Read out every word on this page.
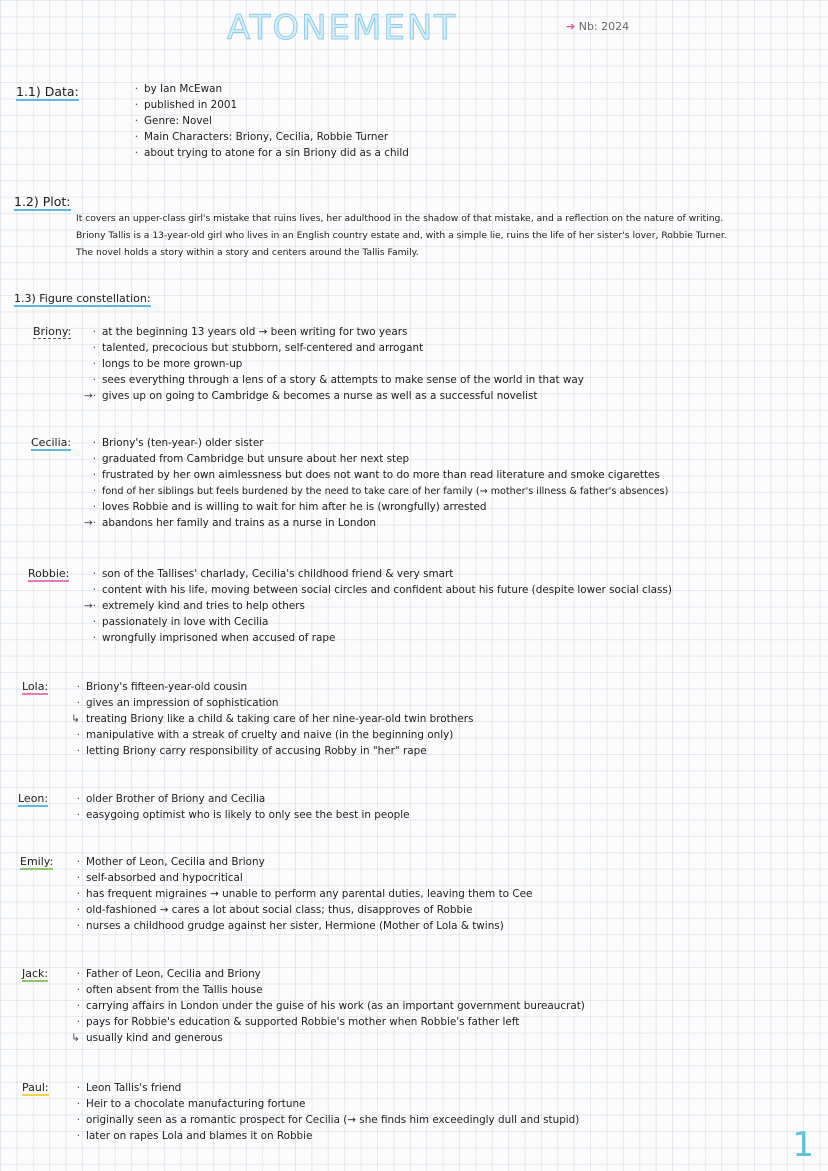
ATONEMENT	➔ Nb: 2024
1.1) Data:	· by Ian McEwan
· published in 2001
· Genre: Novel
· Main Characters: Briony, Cecilia, Robbie Turner
· about trying to atone for a sin Briony did as a child
1.2) Plot:
It covers an upper-class girl's mistake that ruins lives, her adulthood in the shadow of that mistake, and a reflection on the nature of writing.
Briony Tallis is a 13-year-old girl who lives in an English country estate and, with a simple lie, ruins the life of her sister's lover, Robbie Turner.
The novel holds a story within a story and centers around the Tallis Family.
1.3) Figure constellation:
Briony:	· at the beginning 13 years old → been writing for two years
· talented, precocious but stubborn, self-centered and arrogant
· longs to be more grown-up
· sees everything through a lens of a story & attempts to make sense of the world in that way
→· gives up on going to Cambridge & becomes a nurse as well as a successful novelist
Cecilia:	· Briony's (ten-year-) older sister
· graduated from Cambridge but unsure about her next step
· frustrated by her own aimlessness but does not want to do more than read literature and smoke cigarettes
· fond of her siblings but feels burdened by the need to take care of her family (→ mother's illness & father's absences)
· loves Robbie and is willing to wait for him after he is (wrongfully) arrested
→· abandons her family and trains as a nurse in London
Robbie:	· son of the Tallises' charlady, Cecilia's childhood friend & very smart
· content with his life, moving between social circles and confident about his future (despite lower social class)
→· extremely kind and tries to help others
· passionately in love with Cecilia
· wrongfully imprisoned when accused of rape
Lola:	· Briony's fifteen-year-old cousin
· gives an impression of sophistication
↳ treating Briony like a child & taking care of her nine-year-old twin brothers
· manipulative with a streak of cruelty and naive (in the beginning only)
· letting Briony carry responsibility of accusing Robby in "her" rape
Leon:	· older Brother of Briony and Cecilia
· easygoing optimist who is likely to only see the best in people
Emily:	· Mother of Leon, Cecilia and Briony
· self-absorbed and hypocritical
· has frequent migraines → unable to perform any parental duties, leaving them to Cee
· old-fashioned → cares a lot about social class; thus, disapproves of Robbie
· nurses a childhood grudge against her sister, Hermione (Mother of Lola & twins)
Jack:	· Father of Leon, Cecilia and Briony
· often absent from the Tallis house
· carrying affairs in London under the guise of his work (as an important government bureaucrat)
· pays for Robbie's education & supported Robbie's mother when Robbie's father left
↳ usually kind and generous
Paul:	· Leon Tallis's friend
· Heir to a chocolate manufacturing fortune
· originally seen as a romantic prospect for Cecilia (→ she finds him exceedingly dull and stupid)
· later on rapes Lola and blames it on Robbie	1
